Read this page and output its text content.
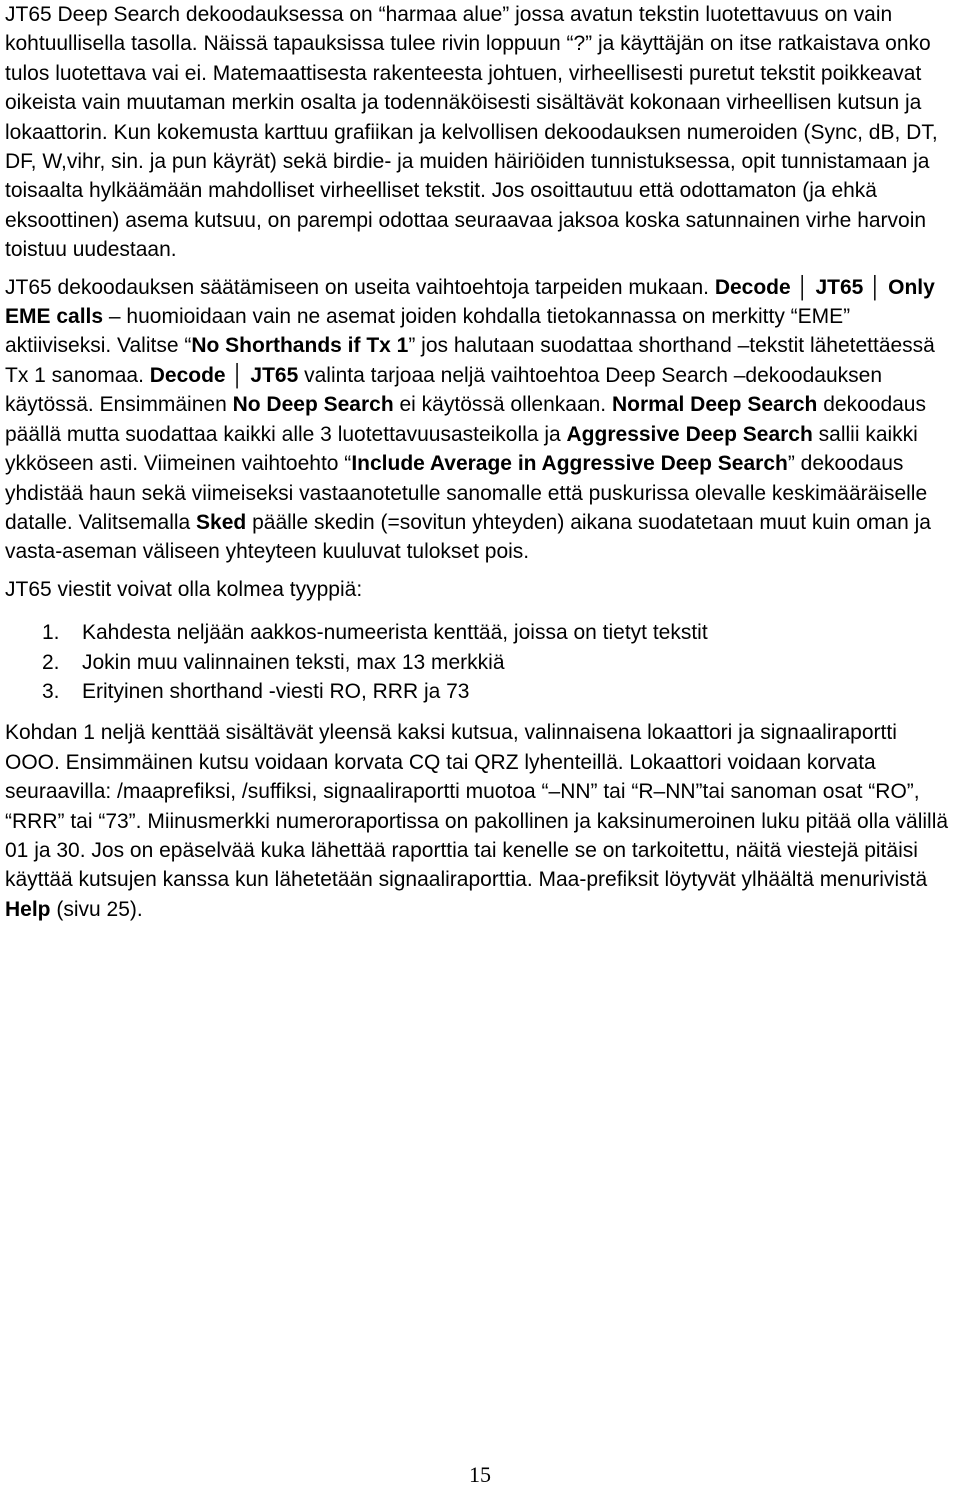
JT65 Deep Search dekoodauksessa on “harmaa alue” jossa avatun tekstin luotettavuus on vain kohtuullisella tasolla. Näissä tapauksissa tulee rivin loppuun “?” ja käyttäjän on itse ratkaistava onko tulos luotettava vai ei. Matemaattisesta rakenteesta johtuen, virheellisesti puretut tekstit poikkeavat oikeista vain muutaman merkin osalta ja todennäköisesti sisältävät kokonaan virheellisen kutsun ja lokaattorin. Kun kokemusta karttuu grafiikan ja kelvollisen dekoodauksen numeroiden (Sync, dB, DT, DF, W,vihr, sin. ja pun käyrät) sekä birdie- ja muiden häiriöiden tunnistuksessa, opit tunnistamaan ja toisaalta hylkäämään mahdolliset virheelliset tekstit. Jos osoittautuu että odottamaton (ja ehkä eksoottinen) asema kutsuu, on parempi odottaa seuraavaa jaksoa koska satunnainen virhe harvoin toistuu uudestaan.

JT65 dekoodauksen säätämiseen on useita vaihtoehtoja tarpeiden mukaan. Decode │ JT65 │ Only EME calls – huomioidaan vain ne asemat joiden kohdalla tietokannassa on merkitty “EME” aktiiviseksi. Valitse “No Shorthands if Tx 1” jos halutaan suodattaa shorthand –tekstit lähetettäessä Tx 1 sanomaa. Decode │ JT65 valinta tarjoaa neljä vaihtoehtoa Deep Search –dekoodauksen käytössä. Ensimmäinen No Deep Search ei käytössä ollenkaan. Normal Deep Search dekoodaus päällä mutta suodattaa kaikki alle 3 luotettavuusasteikolla ja Aggressive Deep Search sallii kaikki ykköseen asti. Viimeinen vaihtoehto “Include Average in Aggressive Deep Search” dekoodaus yhdistää haun sekä viimeiseksi vastaanotetulle sanomalle että puskurissa olevalle keskimääräiselle datalle. Valitsemalla Sked päälle skedin (=sovitun yhteyden) aikana suodatetaan muut kuin oman ja vasta-aseman väliseen yhteyteen kuuluvat tulokset pois.

JT65 viestit voivat olla kolmea tyyppiä:

1.	Kahdesta neljään aakkos-numeerista kenttää, joissa on tietyt tekstit
2.	Jokin muu valinnainen teksti, max 13 merkkiä
3.	Erityinen shorthand -viesti RO, RRR ja 73

Kohdan 1 neljä kenttää sisältävät yleensä kaksi kutsua, valinnaisena lokaattori ja signaaliraportti OOO. Ensimmäinen kutsu voidaan korvata CQ tai QRZ lyhenteillä. Lokaattori voidaan korvata seuraavilla: /maaprefiksi, /suffiksi, signaaliraportti muotoa “–NN” tai “R–NN”tai sanoman osat “RO”, “RRR” tai “73”. Miinusmerkki numeroraportissa on pakollinen ja kaksinumeroinen luku pitää olla välillä 01 ja 30. Jos on epäselvää kuka lähettää raporttia tai kenelle se on tarkoitettu, näitä viestejä pitäisi käyttää kutsujen kanssa kun lähetetään signaaliraporttia. Maa-prefiksit löytyvät ylhäältä menurivistä Help (sivu 25).

15
